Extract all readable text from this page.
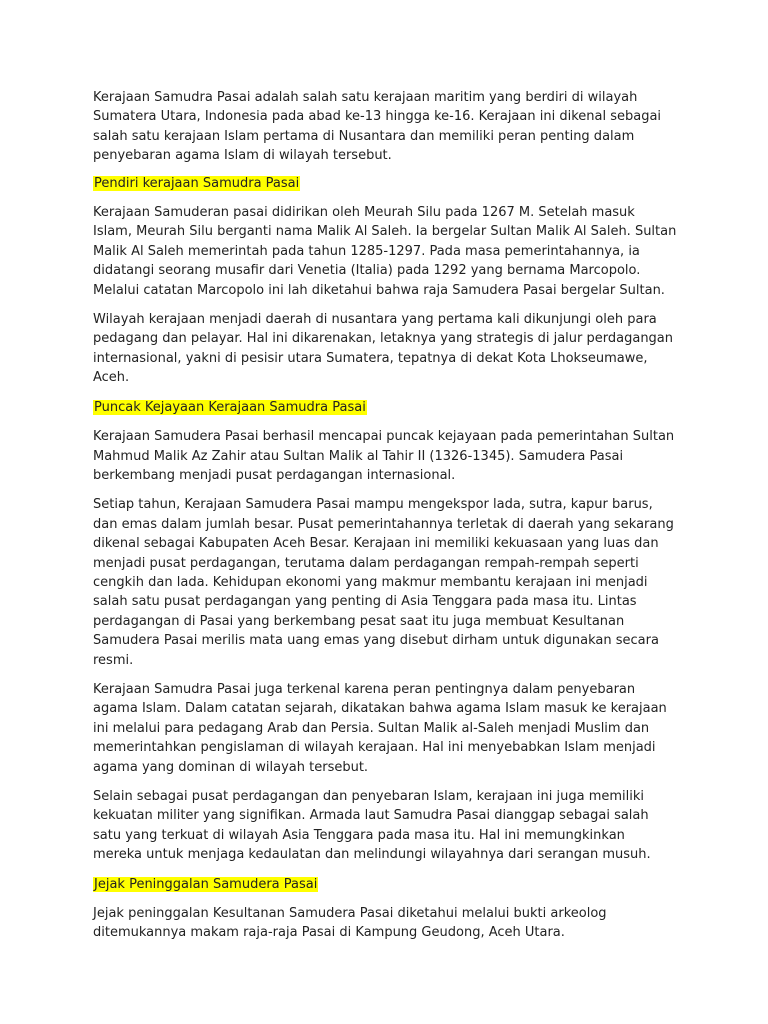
Kerajaan Samudra Pasai adalah salah satu kerajaan maritim yang berdiri di wilayah Sumatera Utara, Indonesia pada abad ke-13 hingga ke-16. Kerajaan ini dikenal sebagai salah satu kerajaan Islam pertama di Nusantara dan memiliki peran penting dalam penyebaran agama Islam di wilayah tersebut.

Pendiri kerajaan Samudra Pasai

Kerajaan Samuderan pasai didirikan oleh Meurah Silu pada 1267 M. Setelah masuk Islam, Meurah Silu berganti nama Malik Al Saleh. Ia bergelar Sultan Malik Al Saleh. Sultan Malik Al Saleh memerintah pada tahun 1285-1297. Pada masa pemerintahannya, ia didatangi seorang musafir dari Venetia (Italia) pada 1292 yang bernama Marcopolo. Melalui catatan Marcopolo ini lah diketahui bahwa raja Samudera Pasai bergelar Sultan.

Wilayah kerajaan menjadi daerah di nusantara yang pertama kali dikunjungi oleh para pedagang dan pelayar. Hal ini dikarenakan, letaknya yang strategis di jalur perdagangan internasional, yakni di pesisir utara Sumatera, tepatnya di dekat Kota Lhokseumawe, Aceh.

Puncak Kejayaan Kerajaan Samudra Pasai

Kerajaan Samudera Pasai berhasil mencapai puncak kejayaan pada pemerintahan Sultan Mahmud Malik Az Zahir atau Sultan Malik al Tahir II (1326-1345). Samudera Pasai berkembang menjadi pusat perdagangan internasional.

Setiap tahun, Kerajaan Samudera Pasai mampu mengekspor lada, sutra, kapur barus, dan emas dalam jumlah besar. Pusat pemerintahannya terletak di daerah yang sekarang dikenal sebagai Kabupaten Aceh Besar. Kerajaan ini memiliki kekuasaan yang luas dan menjadi pusat perdagangan, terutama dalam perdagangan rempah-rempah seperti cengkih dan lada. Kehidupan ekonomi yang makmur membantu kerajaan ini menjadi salah satu pusat perdagangan yang penting di Asia Tenggara pada masa itu. Lintas perdagangan di Pasai yang berkembang pesat saat itu juga membuat Kesultanan Samudera Pasai merilis mata uang emas yang disebut dirham untuk digunakan secara resmi.

Kerajaan Samudra Pasai juga terkenal karena peran pentingnya dalam penyebaran agama Islam. Dalam catatan sejarah, dikatakan bahwa agama Islam masuk ke kerajaan ini melalui para pedagang Arab dan Persia. Sultan Malik al-Saleh menjadi Muslim dan memerintahkan pengislaman di wilayah kerajaan. Hal ini menyebabkan Islam menjadi agama yang dominan di wilayah tersebut.

Selain sebagai pusat perdagangan dan penyebaran Islam, kerajaan ini juga memiliki kekuatan militer yang signifikan. Armada laut Samudra Pasai dianggap sebagai salah satu yang terkuat di wilayah Asia Tenggara pada masa itu. Hal ini memungkinkan mereka untuk menjaga kedaulatan dan melindungi wilayahnya dari serangan musuh.

Jejak Peninggalan Samudera Pasai

Jejak peninggalan Kesultanan Samudera Pasai diketahui melalui bukti arkeolog ditemukannya makam raja-raja Pasai di Kampung Geudong, Aceh Utara.
